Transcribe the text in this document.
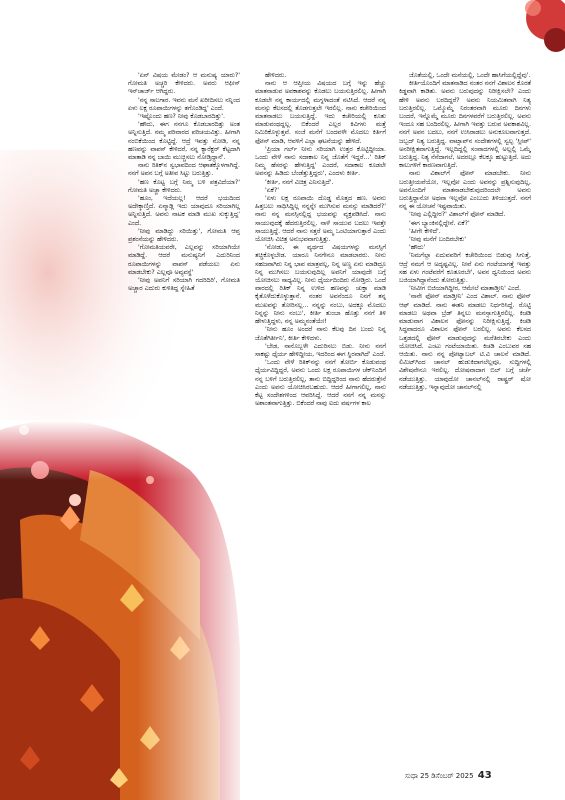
'ಏನ್ ವಿಷಯ ಮೇಡಂ? ಆ ಮನುಷ್ಯ ಯಾರು?' ಗೋಮತಿ ಅಚ್ಚರಿ ಕೇಳಿದರು. ಅವರು ಆಫೀಸ್ ಇನ್‌ಚಾರ್ಜ್ ಆಗಿದ್ದರು.

'ನನ್ನ ಸಾಲಗಾರ. ಇವನು ಮನೆ ಖರೀದಿಸಲು ನನ್ನಿಂದ ಏಳು ಲಕ್ಷ ರೂಪಾಯಿಗಳನ್ನು ತಗೊಂಡಿದ್ದ' ಎಂದೆ.

'ಇಷ್ಟೊಂದು ಹಣ? ನೀವು ಕೊಡಬಾರದಿತ್ತು'.

'ಹೌದು, ಈಗ ನನಗೂ ಕೊಡಬಾರದಿತ್ತು ಅಂತ ಅನ್ನಿಸುತ್ತಿದೆ. ನಮ್ಮ ಪರಿವಾರದ ಪರಿಚಯವಿತ್ತು. ಹೀಗಾಗಿ ನಂಬಿಕೆಯಿಂದ ಕೊಟ್ಟಿದ್ದೆ. ಆದ್ರೆ ಇವತ್ತು ನೋಡಿ, ನನ್ನ ಹಣವನ್ನು ವಾಪಸ್ ಕೇಳಿದರೆ, ನನ್ನ ಕ್ಯಾರೆಕ್ಟರ್ ಕೆಟ್ಟದಾಗಿ ಮಾತಾಡಿ ನನ್ನ ಬಾಯಿ ಮುಚ್ಚಿಸಲು ನೋಡ್ತಿದ್ದಾನೆ'.

ನಾನು ರಿತಿಕ್‌ನ ಸ್ವಭಾವದಿಂದ ಆಘಾತಕ್ಕೊಳಗಾಗಿದ್ದೆ. ನನಗೆ ಅವನ ಬಗ್ಗೆ ಅತೀವ ಸಿಟ್ಟು ಬರುತ್ತಿತ್ತು.

'ಹಣ ಕೊಟ್ಟ ಬಗ್ಗೆ ನಿಮ್ಮ ಬಳಿ ಪತ್ರವಿದೆಯಾ?' ಗೋಮತಿ ಅಚ್ಚಾ ಕೇಳಿದರು.

'ಹೂಂ, ಇದೆಯಲ್ಲ! ಆದರೆ ಭಯದಿಂದ ಅದೇಕ್ಕಾಣ್ತಿದೆ. ಏನ್ಮಾಡ್ಲಿ ಇದು ಯಾವುದೂ ಸರಿಯಾಗಿಲ್ಲ ಅನ್ನಿಸುತ್ತಿದೆ. ಅವನು ನಾಟಕ ಮಾಡಿ ಮುಖ ಸುಕ್ಕುತ್ತಿದ್ದ' ಎಂದೆ.

'ನೀವು ಮಾಡಿದ್ದು ಸರಿಯಿತ್ತು', ಗೋಮತಿ ಆಪ್ತ ಪ್ರಶಂಸೆಯನ್ನು ಹೇಳಿದರು.

'ಗೋಮತಿಯವರೇ, ಎಲ್ಲವನ್ನು ಸರಿಯಾಗಿಯೇ ಮಾಡಿದ್ದೆ. ಆದರೆ ಮನುಷ್ಯನಿಗೆ ಎದುರಿನಿಂದ ರೂಪಾಯಿಗಳನ್ನು ವಾಪಸ್ ಪಡೆಯಲು ಏನು ಮಾಡಬೇಕು? ಎಲ್ಲವೂ ಅವ್ಯವಸ್ಥೆ'

'ನೀವು ಅವನಿಗೆ ಸರಿಯಾಗಿ ಗದರಿದಿರಿ', ಗೋಮತಿ ಅಚ್ಚಾರ ಎದುರು ಕುಳಿತಿದ್ದ ಸ್ನೇಹಿತೆ

ಹೇಳಿದರು.

ನಾನು ಆ ಆಪ್ತೀಯ ವಿಷಯದ ಬಗ್ಗೆ ಇನ್ನು ಹೆಚ್ಚು ಮಾತನಾಡುವ ಅವಕಾಶವನ್ನು ಕೊಡಲು ಬಯಸುತ್ತಿರಲಿಲ್ಲ. ಹೀಗಾಗಿ ಕೂಡಲೇ ನನ್ನ ಕಾರ್ಯದಲ್ಲಿ ಮಗ್ನಳಾದಂತೆ ನಟಿಸಿದೆ. ಆದರೆ ನನ್ನ ಮನಸ್ಸು ಕೆಲಸದಲ್ಲಿ ತೊಡಗುತ್ತಲೇ ಇರಲಿಲ್ಲ. ನಾನು ಕಚೇರಿಯಿಂದ ಮಾತನಾಡಲು ಬಯಸುತ್ತಿದ್ದೆ. ಇದು ಕಚೇರಿಯಲ್ಲಿ ಕೂತು ಮಾಡುವಂಥದ್ದಲ್ಲ. ಬಿಕೆಂದರೆ ಎಲ್ಲರ ಕಿವಿಗಳು ಮತ್ತೆ ನಿಮಿರಿಕೊಳ್ಳುತ್ತವೆ. ಸಂಜೆ ಮನೆಗೆ ಬಂದವಳೇ ಮೊದಲು ಕಿರ್ತಿಗೆ ಫೋನ್ ಮಾಡಿ, ಆವಳಿಗೆ ಎಲ್ಲಾ ಘಟನೆಯನ್ನು ಹೇಳಿದೆ.

'ಪ್ರಿಯಾ ಗರ್ಲ್ ನೀನು ಸರಿಯಾಗಿ ಉತ್ತರ ಕೊಟ್ಟಿದ್ದೀಯಾ. ಒಂದು ವೇಳೆ ನಾನು ಸದಾಕಾಲ ನಿನ್ನ ಜೊತೆಗೆ ಇದ್ದರೆ...' ರಿತಿಕ್ ನಿಮ್ಮ ಹೆಸರನ್ನು ಹೇಳುತ್ತಿದ್ದ' ಎಂದರೆ, ಸದಾಕಾಲ ಕೂಡಲೇ ಅವನನ್ನು ಹಿಡಿದು ಬೆಂಡೆತ್ತುತ್ತಿದ್ದರು', ಎಂದಳು ಕೀರ್ತಿ.

'ಕೀರ್ತಿ, ನನಗೆ ವಿಚಿತ್ರ ಎನಿಸುತ್ತಿದೆ'.

'ಏಕೆ?'

'ಏಳು ಲಕ್ಷ ರೂಪಾಯಿ ದೊಡ್ಡ ಮೊತ್ತದ ಹಣ. ಅವನು ಹಿತ್ತಬಲು ಸಾಧಿಸಿದ್ದಿಲ್ಲ ನನ್ನನ್ನೇ ಮುಗಿಸುವ ಮನಸ್ಸು ಮಾಡಿದರೆ?' ನಾನು ನನ್ನ ಮನಸ್ಸಿನಲ್ಲಿದ್ದ ಭಯವನ್ನು ವ್ಯಕ್ತಪಡಿಸಿದೆ. ನಾನು ಸಾಯುವುದಕ್ಕೆ ಹೆದರುತ್ತಿರಲಿಲ್ಲ. ನಾಳೆ ಸಾಯುವ ಬದಲು ಇವತ್ತೇ ಸಾಯುತ್ತಿದ್ದೆ. ಆದರೆ ನಾನು ಸತ್ತರೆ ಅಮ್ಮ ಒಂಟಿಯಾಗುತ್ತಾರೆ ಎಂದು ಯೋಚಿಸಿ ವಿಚಿತ್ರ ಅನುಭವವಾಗುತ್ತಿತ್ತು.

'ನೋಡು, ಈ ವ್ಯರ್ಥದ ವಿಷಯಗಳನ್ನು ಮನಸ್ಸಿಗೆ ತಚ್ಚಿಕೊಳ್ಳಬೇಡ. ಯಾರೂ ನಿನಗೇನೂ ಮಾಡಲಾರರು. ನೀನು ಸಹಜವಾಗಿರು ನಿನ್ನ ಭಾವ ಮಾತ್ರವಲ್ಲ, ನಿನ್ನ ಅಣ್ಣ ಏನು ಮಾಡಿದ್ರೂ ನಿನ್ನ ಮುಗಿಸಲು ಬಯಸುವುದಿಲ್ಲ ಅವನಿಗೆ ಯಾವುದೇ ಬಗ್ಗೆ ಯೋಚಿಸಲು ಸಾಧ್ಯವಿಲ್ಲ. ನೀನು ಧೈರ್ಯದಿಂದಿರು ನೋಡ್ತಿರು. ಒಂದೆ ವಾರದಲ್ಲಿ ರಿತಿಕ್ ನಿನ್ನ ಉಳಿದ ಹಣವನ್ನು ಚುಕ್ತಾ ಮಾಡಿ ಕೈತೊಳೆದುಕೊಳ್ಳುತ್ತಾನೆ. ನಂತರ ಅವನೆಂದೂ ನಿನಗೆ ತನ್ನ ಮುಖವನ್ನು ತೋರಿಸಲ್ಲ... ನನ್ನನ್ನು ನಂಬು, ಅದಕ್ಕೂ ಮೊದಲು ನಿನ್ನನ್ನು ನೀನು ನಂಬು', ಕೀರ್ತಿ ತುಂಬಾ ಹೊತ್ತು ನನಗೆ ತಿಳಿ ಹೇಳುತ್ತಿದ್ದಳು, ನನ್ನ ಅಮ್ಮನಂತೆಯೇ!

'ನೀನು ಹೂಂ ಅಂದರೆ ನಾನು ಕೆಲವು ದಿನ ಬಂದು ನಿನ್ನ ಜೊತೆಗಿರ್ತೀನಿ', ಕೀರ್ತಿ ಕೇಳಿದಳು.

'ಬೇಡ, ನಾನೊಬ್ಬಳೇ ಎದುರಿಸಲು ಬಿಡು. ನೀನು ನನಗೆ ಸಾಕಷ್ಟು ಧೈರ್ಯ ಹೇಳಿದ್ದೀಯ, ಇದರಿಂದ ಈಗ ಸ್ಥಿರವಾಗಿದೆ' ಎಂದೆ.

'ಒಂದು ವೇಳೆ ರಿತಿಕ್‌ನನ್ನು ನನಗೆ ತೋರ್ಬಿ ಕೊಡುವಂಥ ಧೈರ್ಯವಿದ್ದಿದ್ದರೆ, ಅವನು ಒಂದು ಲಕ್ಷ ರೂಪಾಯಿಗಳ ಚೆಕ್‌ನಿಂದಿಗೆ ನನ್ನ ಬಳಿಗೆ ಬರುತ್ತಿರಲಿಲ್ಲ, ತಾನು ಬಿದ್ದಿದ್ದರಿಂದ ನಾನು ಹೆದರುತ್ತೇನೆ ಎಂದು ಅವನು ಯೋಚಿಸಿರಬಹುದು. ಆದರೆ ಹೀಗಾಗಲಿಲ್ಲ, ನಾನು ಕೆಟ್ಟ ಸಂದೇಶಗಳಿಂದ ಆವರಿಸಿದ್ದೆ. ಆದರೆ ನನಗೆ ನನ್ನ ಮನಸ್ಸು ಅಶಾಂತವಾಗುತ್ತಿತ್ತು. ಬಿಕೆಂದರೆ ನಾವು ಐದು ವರ್ಷಗಳ ಕಾಲ

ಜೊತೆಯಲ್ಲಿ, ಒಂದೇ ಮನೆಯಲ್ಲಿ, ಒಂದೇ ಹಾಸಿಗೆಯಲ್ಲಿದ್ದೆವು'.

ಕೀರ್ತಿಯೊಂದಿಗೆ ಮಾತನಾಡಿದ ನಂತರ ನನಗೆ ವಿಶಾಲನ ಕೊರತೆ ಕಿಡ್ಡವಾಗಿ ಕಾಡಿತು. ಅವನು ಬರುವುದನ್ನು ನಿರೀಕ್ಷಿಸಲೇ? ಎಂದು ಹೇಳಿ ಅವನು ಬರದಿದ್ದರೆ? ಅವನು ನಿಯಮಿತವಾಗಿ ನಿತ್ಯ ಬರುತ್ತಿರಲಿಲ್ಲ. ಒಮ್ಮೊಮ್ಮೆ ನಿರಂತರವಾಗಿ ಮೂರು ದಿನಗಳು ಬಂದರೆ, ಇನ್ನೊಮ್ಮೆ ಮೂರು ದಿನಗಳವರೆಗೆ ಬರುತ್ತಿರಲಿಲ್ಲ. ಅವನು ಇಂದೂ ಸಹ ಬಂದಿರಲಿಲ್ಲ. ಹೀಗಾಗಿ ಇವತ್ತು ಬರುವ ಅವಕಾಶವಿಲ್ಲ. ನನಗೆ ಅವನ ಬದಲು, ನನಗೆ ಉಸಿರಾಡಲು ಅನುಕೂಲವಾಗುತ್ತದೆ. ಜಬ್ಬದ್ ನಿತ್ಯ ಬರುತ್ತಿದ್ದ. ವಾಟ್ಸಾಪ್‌ನ ಸಂದೇಶಗಳಲ್ಲಿ ಸ್ವಲ್ಪ 'ಸ್ಲೀಪ್' ಅನರೀಕ್ಷಿತವಾಗುತ್ತಿದ್ದೆ. ಇಲ್ಲದಿದ್ದಲ್ಲಿ ಸಂವಾದಗಳಲ್ಲಿ ಅಲ್ಲಲ್ಲಿ ಒಮ್ಮೆ ಬರುತ್ತಿದ್ದ. ನಿತ್ಯ ನೆನೆದಾಗಲೆ, ಅದರಲ್ಲೂ ಕೆಲಕ್ಕೂ ಹುಟ್ಟುತ್ತಿದೆ. ಅದು ಕಾಲುಗಳಿಗೆ ಕಾರಣವಾಗುತ್ತಿದೆ.

ನಾನು ವಿಶಾಲ್‌ಗೆ ಫೋನ್ ಮಾಡಬೇಕು. ನೀನು ಬರುತ್ತೀಯವೆಯೋ, ಇಲ್ಲವೋ ಎಂದು ಅವನನ್ನು ಪ್ರಶ್ನಿಸುವುದಿಲ್ಲ, ಅವನೊಂದಿಗೆ ಮಾತನಾಡಬೇಕುವುದರಿಂದಲೇ ಅವನು ಬರುತ್ತಿದ್ದಾನೋ ಅಥವಾ ಇಲ್ಲವೋ ಎಂಬುದು ತಿಳಿಯುತ್ತದೆ. ನನಗೆ ನನ್ನ ಈ ಯೋಚನೆ ಇಷ್ಟವಾಯಿತು.

'ನೀವು ಎಲ್ಲಿದ್ದೀರ?' ವಿಶಾಲ್‌ಗೆ ಫೋನ್ ಮಾಡಿದೆ.

'ಈಗ ಬ್ಯಾಂಕಿನಲ್ಲಿದ್ದೇನೆ. ಏಕೆ?'

'ಹೀಗೇ ಕೇಳಿದೆ'.

'ನೀವು ಮನೆಗೆ ಬಂದಿರಬೇಕು'

'ಹೌದು'

'ನಿಮಗೆಲ್ಲಾ ಏದುವವರಿಗೆ ಕಚೇರಿಯಿಂದ ಬಿಡುವು ಸಿಗುತ್ತೆ, ಆದ್ರೆ ನಮಗೆ ಆ ಅದೃಷ್ಟವಿಲ್ಲ. ನೀವೆ ಏನು ಗಂಟೆಯಾಗತ್ತೆ ಇವತ್ತು ಸಹ ಏಳು ಗಂಟೆವರೆಗೆ ಕೂತೂರಬೇ', ಅವನ ಧ್ವನಿಯಿಂದ ಅವನು ಬಜಿಯಾಗಿದ್ದಾನೆಂದು ತೋರುತ್ತಿತ್ತು.

'ನೀವೀಗ ಬಿಜಿಯಾಗಿದ್ದೀರ, ಆಮೇಲೆ ಮಾತಾಡ್ತೀನಿ' ಎಂದೆ.

'ನಾನೇ ಫೋನ್ ಮಾಡ್ತೀನಿ' ಎಂದ ವಿಶಾಲ್. ನಾನು ಫೋನ್ ಆಫ್ ಮಾಡಿದೆ. ನಾನು ಈತನಿ ಮಾಡಲು ನಿರ್ಧರಿಸಿದ್ದೆ. ರೊಟ್ಟಿ ಮಾಡಲು ಅಥವಾ ಬ್ರೆಡ್ ತಿನ್ನಲು ಮನಸ್ಸಾಗುತ್ತಿರಲಿಲ್ಲ. ಕಿಚಡಿ ಮಾಡುವಾಗ ವಿಶಾಲನ ಫೋನನ್ನು ನಿರೀಕ್ಷಿಸುತ್ತಿದ್ದೆ. ಕಿಚಡಿ ಸಿದ್ಧವಾದರೂ ವಿಶಾಲನ ಫೋನ್ ಬರಲಿಲ್ಲ. ಅವನು ಕೆಲಸದ ಒತ್ತಡದಲ್ಲಿ ಫೋನ್ ಮಾಡುವುದನ್ನು ಮರೆತಿರಬೇಕು ಎಂದು ಯೋಚಿಸಿದೆ. ಎಂಟು ಗಂಟೆಯಾಯಿತು. ಕಿಚಡಿ ಎಂಬುವರ ಸಹ ಆಯಿತು. ನಾನು ನನ್ನ ಪೋಟ್ಯಾಬಲ್ ಟಿ.ವಿ ಚಾಲನೆ ಮಾಡಿದೆ. ಲಿಮಿಟ್‌ಗಿಂದ ಚಾನಲ್ ಹುಡುಕಿದಾಗಲೆಲ್ಲವೂ, ಸುದ್ದಿಗಳಲ್ಲಿ ವಿಶೇಷವೇನೂ ಇರಲಿಲ್ಲ. ದೋಷವಾದಾಗ ಬಿಲ್ ಬಗ್ಗೆ ಚರ್ಚೆ ನಡೆಯುತ್ತಿತ್ತು. ಯಾವುದೋ ಚಾನಲ್‌ನಲ್ಲಿ ರಾಷ್ಟ್ರರ್ ಷೋ ನಡೆಯುತ್ತಿತ್ತು, ಇನ್ನಾವುದೋ ಚಾನಲ್‌ನಲ್ಲಿ

ಸುಧಾ 25 ಡಿಸೆಂಬರ್ 2025 43
